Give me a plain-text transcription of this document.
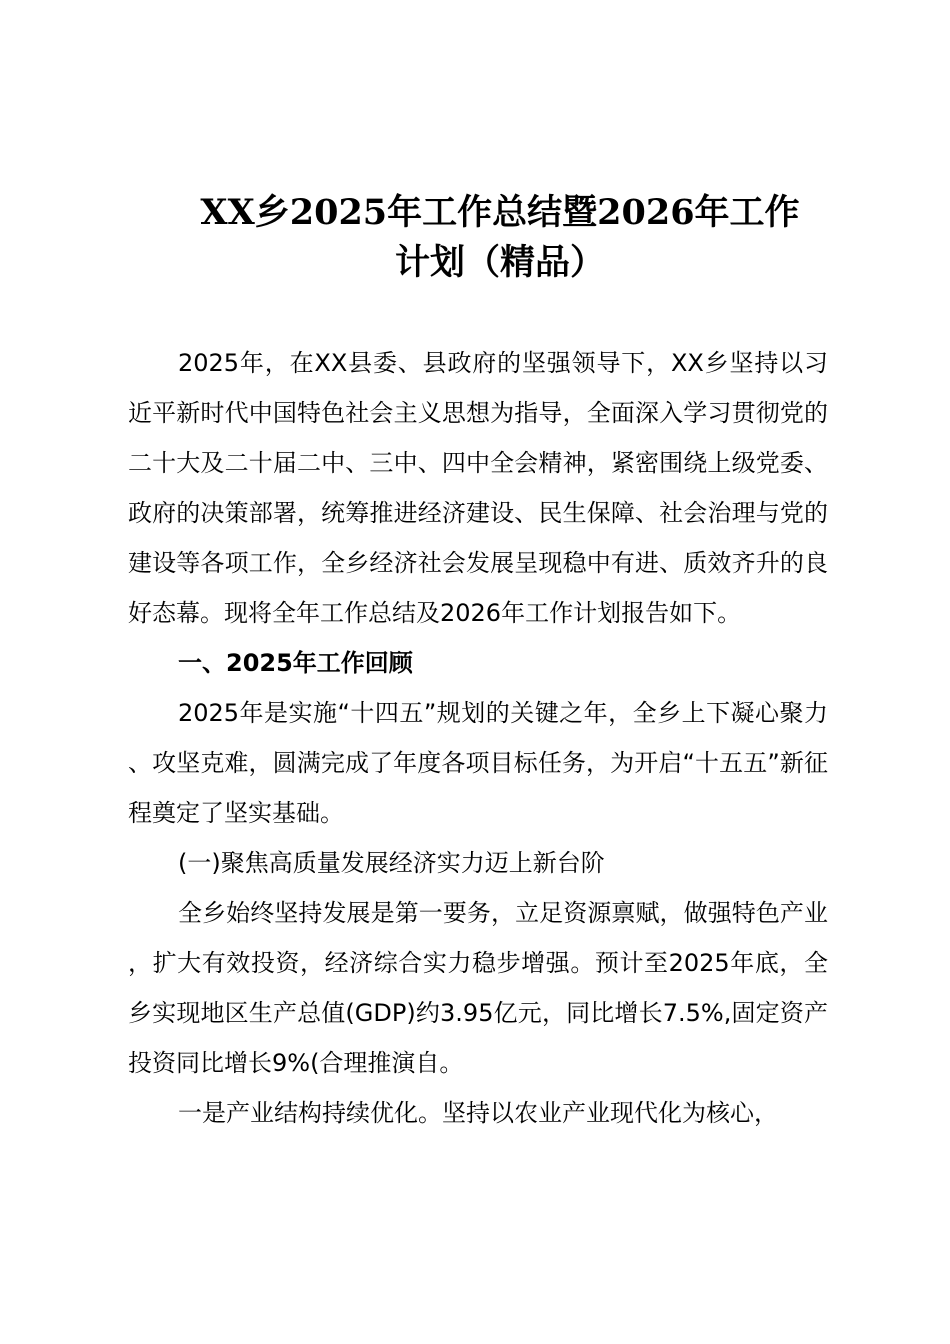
XX乡2025年工作总结暨2026年工作
计划（精品）

2025年，在XX县委、县政府的坚强领导下，XX乡坚持以习近平新时代中国特色社会主义思想为指导，全面深入学习贯彻党的二十大及二十届二中、三中、四中全会精神，紧密围绕上级党委、政府的决策部署，统筹推进经济建设、民生保障、社会治理与党的建设等各项工作，全乡经济社会发展呈现稳中有进、质效齐升的良好态幕。现将全年工作总结及2026年工作计划报告如下。

一、2025年工作回顾

2025年是实施“十四五”规划的关键之年，全乡上下凝心聚力、攻坚克难，圆满完成了年度各项目标任务，为开启“十五五”新征程奠定了坚实基础。

(一)聚焦高质量发展经济实力迈上新台阶

全乡始终坚持发展是第一要务，立足资源禀赋，做强特色产业，扩大有效投资，经济综合实力稳步增强。预计至2025年底，全乡实现地区生产总值(GDP)约3.95亿元，同比增长7.5%,固定资产投资同比增长9%(合理推演自。

一是产业结构持续优化。坚持以农业产业现代化为核心，
